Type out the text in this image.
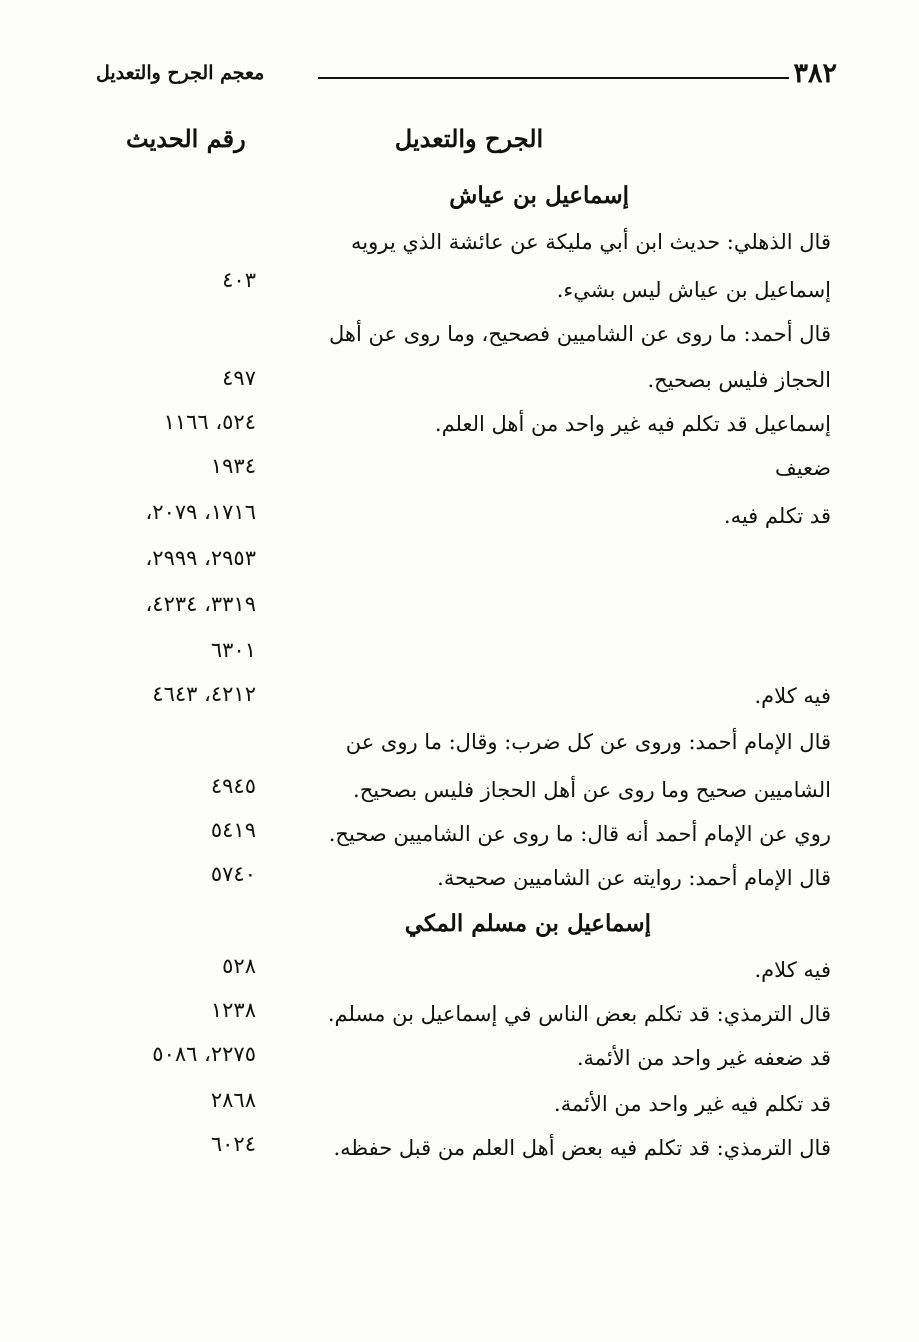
٣٨٢
معجم الجرح والتعديل
الجرح والتعديل
رقم الحديث
إسماعيل بن عياش
قال الذهلي: حديث ابن أبي مليكة عن عائشة الذي يرويه
إسماعيل بن عياش ليس بشيء.
٤٠٣
قال أحمد: ما روى عن الشاميين فصحيح، وما روى عن أهل
الحجاز فليس بصحيح.
٤٩٧
إسماعيل قد تكلم فيه غير واحد من أهل العلم.
٥٢٤، ١١٦٦
ضعيف
١٩٣٤
قد تكلم فيه.
١٧١٦، ٢٠٧٩،
٢٩٥٣، ٢٩٩٩،
٣٣١٩، ٤٢٣٤،
٦٣٠١
فيه كلام.
٤٢١٢، ٤٦٤٣
قال الإمام أحمد: وروى عن كل ضرب: وقال: ما روى عن
الشاميين صحيح وما روى عن أهل الحجاز فليس بصحيح.
٤٩٤٥
روي عن الإمام أحمد أنه قال: ما روى عن الشاميين صحيح.
٥٤١٩
قال الإمام أحمد: روايته عن الشاميين صحيحة.
٥٧٤٠
إسماعيل بن مسلم المكي
فيه كلام.
٥٢٨
قال الترمذي: قد تكلم بعض الناس في إسماعيل بن مسلم.
١٢٣٨
قد ضعفه غير واحد من الأئمة.
٢٢٧٥، ٥٠٨٦
قد تكلم فيه غير واحد من الأئمة.
٢٨٦٨
قال الترمذي: قد تكلم فيه بعض أهل العلم من قبل حفظه.
٦٠٢٤
